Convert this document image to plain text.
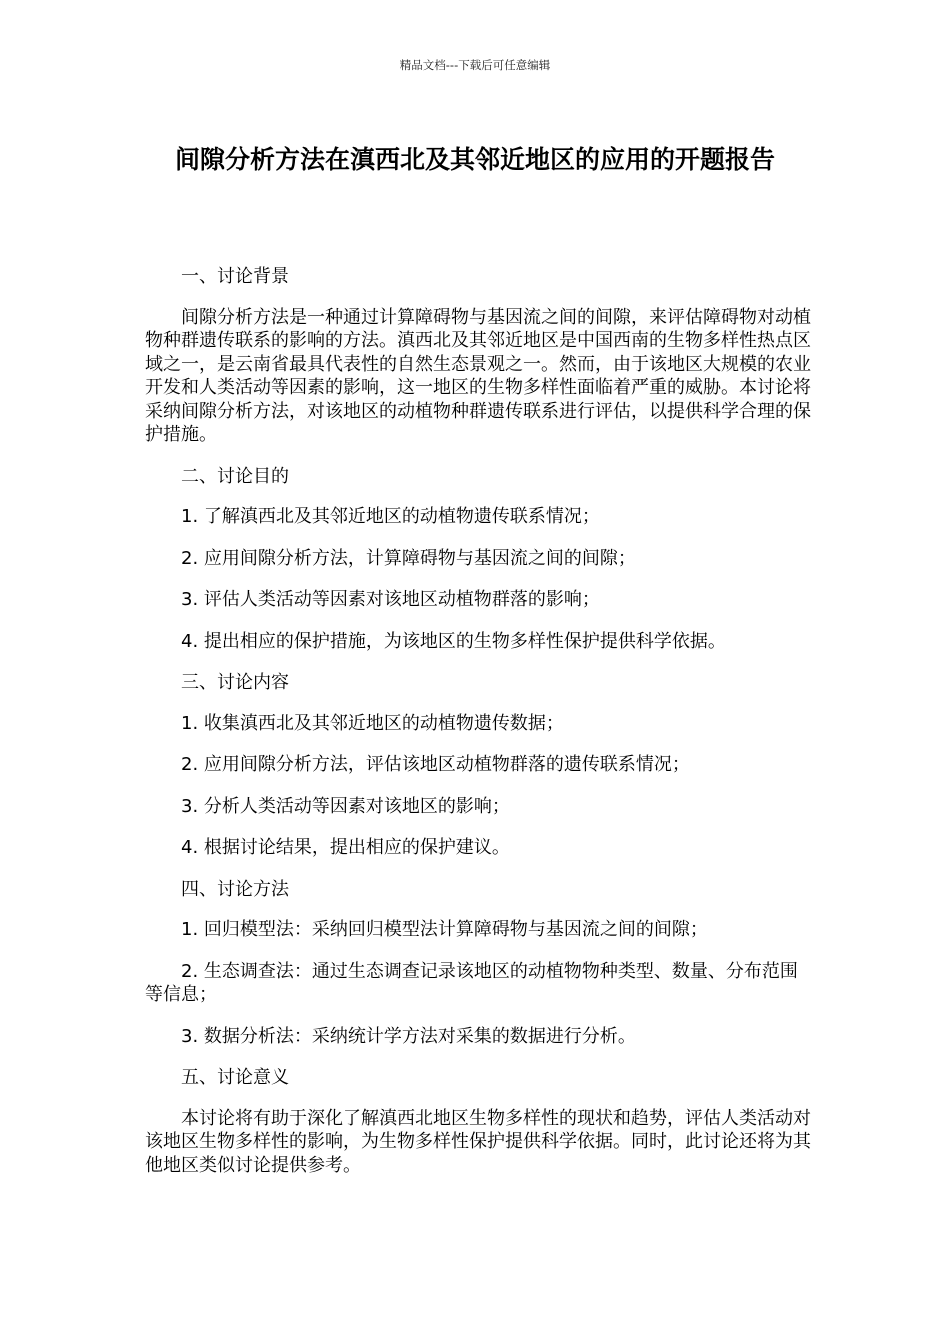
精品文档---下载后可任意编辑
间隙分析方法在滇西北及其邻近地区的应用的开题报告

一、讨论背景

间隙分析方法是一种通过计算障碍物与基因流之间的间隙，来评估障碍物对动植物种群遗传联系的影响的方法。滇西北及其邻近地区是中国西南的生物多样性热点区域之一，是云南省最具代表性的自然生态景观之一。然而，由于该地区大规模的农业开发和人类活动等因素的影响，这一地区的生物多样性面临着严重的威胁。本讨论将采纳间隙分析方法，对该地区的动植物种群遗传联系进行评估，以提供科学合理的保护措施。

二、讨论目的

1. 了解滇西北及其邻近地区的动植物遗传联系情况；

2. 应用间隙分析方法，计算障碍物与基因流之间的间隙；

3. 评估人类活动等因素对该地区动植物群落的影响；

4. 提出相应的保护措施，为该地区的生物多样性保护提供科学依据。

三、讨论内容

1. 收集滇西北及其邻近地区的动植物遗传数据；

2. 应用间隙分析方法，评估该地区动植物群落的遗传联系情况；

3. 分析人类活动等因素对该地区的影响；

4. 根据讨论结果，提出相应的保护建议。

四、讨论方法

1. 回归模型法：采纳回归模型法计算障碍物与基因流之间的间隙；

2. 生态调查法：通过生态调查记录该地区的动植物物种类型、数量、分布范围等信息；

3. 数据分析法：采纳统计学方法对采集的数据进行分析。

五、讨论意义

本讨论将有助于深化了解滇西北地区生物多样性的现状和趋势，评估人类活动对该地区生物多样性的影响，为生物多样性保护提供科学依据。同时，此讨论还将为其他地区类似讨论提供参考。
